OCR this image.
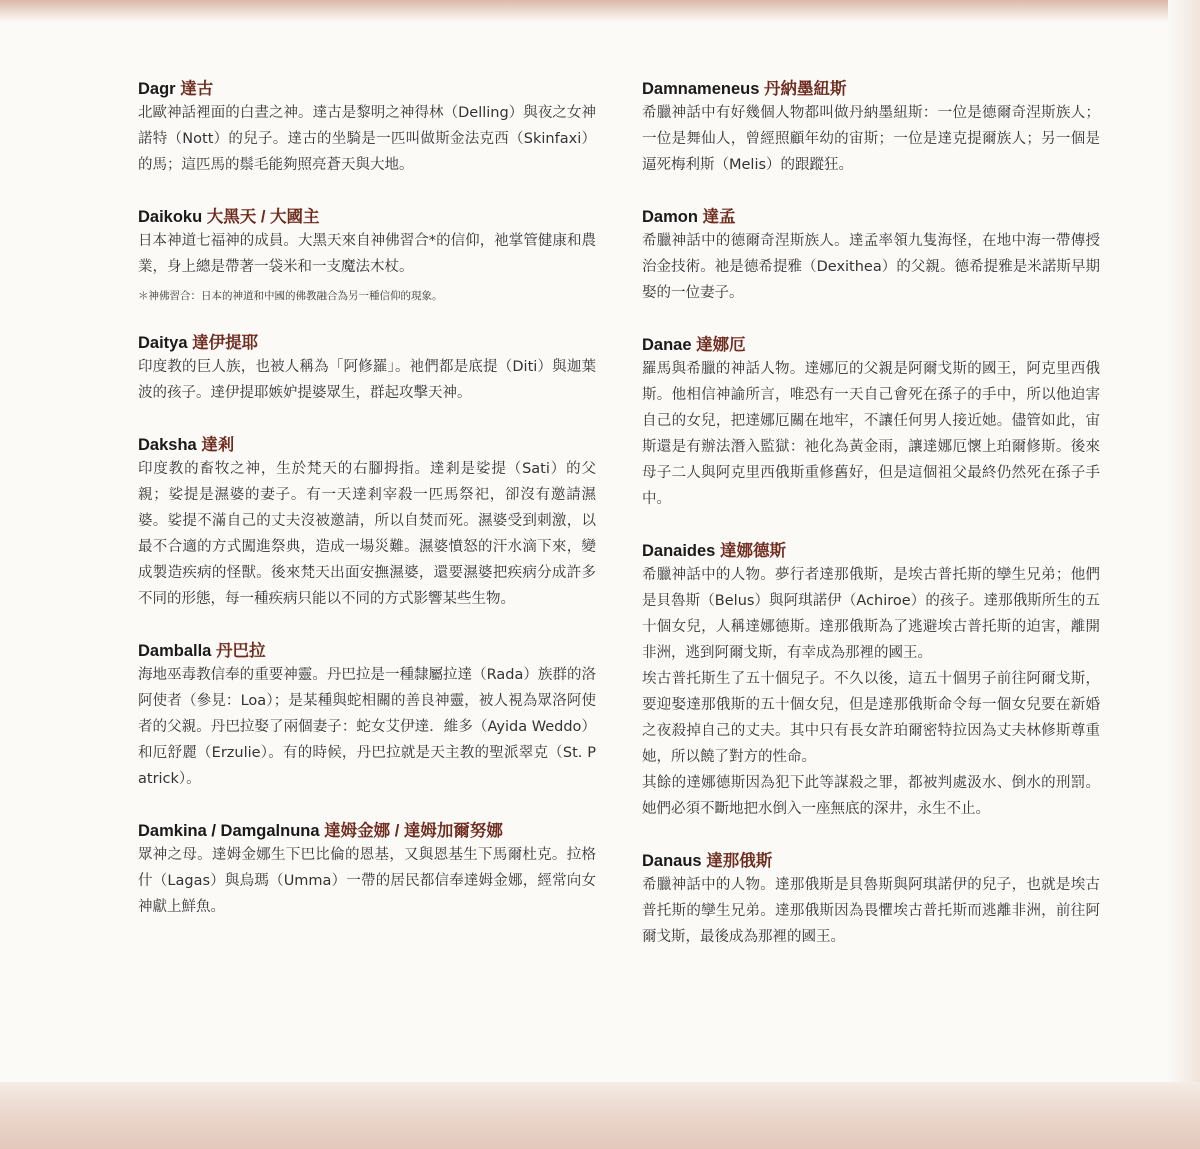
Dagr 達古

北歐神話裡面的白晝之神。達古是黎明之神得林（Delling）與夜之女神諾特（Nott）的兒子。達古的坐騎是一匹叫做斯金法克西（Skinfaxi）的馬；這匹馬的鬃毛能夠照亮蒼天與大地。

Daikoku 大黑天 / 大國主

日本神道七福神的成員。大黑天來自神佛習合*的信仰，祂掌管健康和農業，身上總是帶著一袋米和一支魔法木杖。

＊神佛習合：日本的神道和中國的佛教融合為另一種信仰的現象。

Daitya 達伊提耶

印度教的巨人族，也被人稱為「阿修羅」。祂們都是底提（Diti）與迦葉波的孩子。達伊提耶嫉妒提婆眾生，群起攻擊天神。

Daksha 達剎

印度教的畜牧之神，生於梵天的右腳拇指。達剎是娑提（Sati）的父親；娑提是濕婆的妻子。有一天達剎宰殺一匹馬祭祀，卻沒有邀請濕婆。娑提不滿自己的丈夫沒被邀請，所以自焚而死。濕婆受到刺激，以最不合適的方式闖進祭典，造成一場災難。濕婆憤怒的汗水滴下來，變成製造疾病的怪獸。後來梵天出面安撫濕婆，還要濕婆把疾病分成許多不同的形態，每一種疾病只能以不同的方式影響某些生物。

Damballa 丹巴拉

海地巫毒教信奉的重要神靈。丹巴拉是一種隸屬拉達（Rada）族群的洛阿使者（參見：Loa）；是某種與蛇相關的善良神靈，被人視為眾洛阿使者的父親。丹巴拉娶了兩個妻子：蛇女艾伊達．維多（Ayida Weddo）和厄舒麗（Erzulie）。有的時候，丹巴拉就是天主教的聖派翠克（St. Patrick）。

Damkina / Damgalnuna 達姆金娜 / 達姆加爾努娜

眾神之母。達姆金娜生下巴比倫的恩基，又與恩基生下馬爾杜克。拉格什（Lagas）與烏瑪（Umma）一帶的居民都信奉達姆金娜，經常向女神獻上鮮魚。

Damnameneus 丹納墨紐斯

希臘神話中有好幾個人物都叫做丹納墨紐斯：一位是德爾奇涅斯族人；一位是舞仙人，曾經照顧年幼的宙斯；一位是達克提爾族人；另一個是逼死梅利斯（Melis）的跟蹤狂。

Damon 達孟

希臘神話中的德爾奇涅斯族人。達孟率領九隻海怪，在地中海一帶傳授治金技術。祂是德希提雅（Dexithea）的父親。德希提雅是米諾斯早期娶的一位妻子。

Danae 達娜厄

羅馬與希臘的神話人物。達娜厄的父親是阿爾戈斯的國王，阿克里西俄斯。他相信神諭所言，唯恐有一天自己會死在孫子的手中，所以他迫害自己的女兒，把達娜厄關在地牢，不讓任何男人接近她。儘管如此，宙斯還是有辦法潛入監獄：祂化為黃金雨，讓達娜厄懷上珀爾修斯。後來母子二人與阿克里西俄斯重修舊好，但是這個祖父最終仍然死在孫子手中。

Danaides 達娜德斯

希臘神話中的人物。夢行者達那俄斯，是埃古普托斯的孿生兄弟；他們是貝魯斯（Belus）與阿琪諾伊（Achiroe）的孩子。達那俄斯所生的五十個女兒，人稱達娜德斯。達那俄斯為了逃避埃古普托斯的迫害，離開非洲，逃到阿爾戈斯，有幸成為那裡的國王。

埃古普托斯生了五十個兒子。不久以後，這五十個男子前往阿爾戈斯，要迎娶達那俄斯的五十個女兒，但是達那俄斯命令每一個女兒要在新婚之夜殺掉自己的丈夫。其中只有長女許珀爾密特拉因為丈夫林修斯尊重她，所以饒了對方的性命。

其餘的達娜德斯因為犯下此等謀殺之罪，都被判處汲水、倒水的刑罰。她們必須不斷地把水倒入一座無底的深井，永生不止。

Danaus 達那俄斯

希臘神話中的人物。達那俄斯是貝魯斯與阿琪諾伊的兒子，也就是埃古普托斯的孿生兄弟。達那俄斯因為畏懼埃古普托斯而逃離非洲，前往阿爾戈斯，最後成為那裡的國王。
